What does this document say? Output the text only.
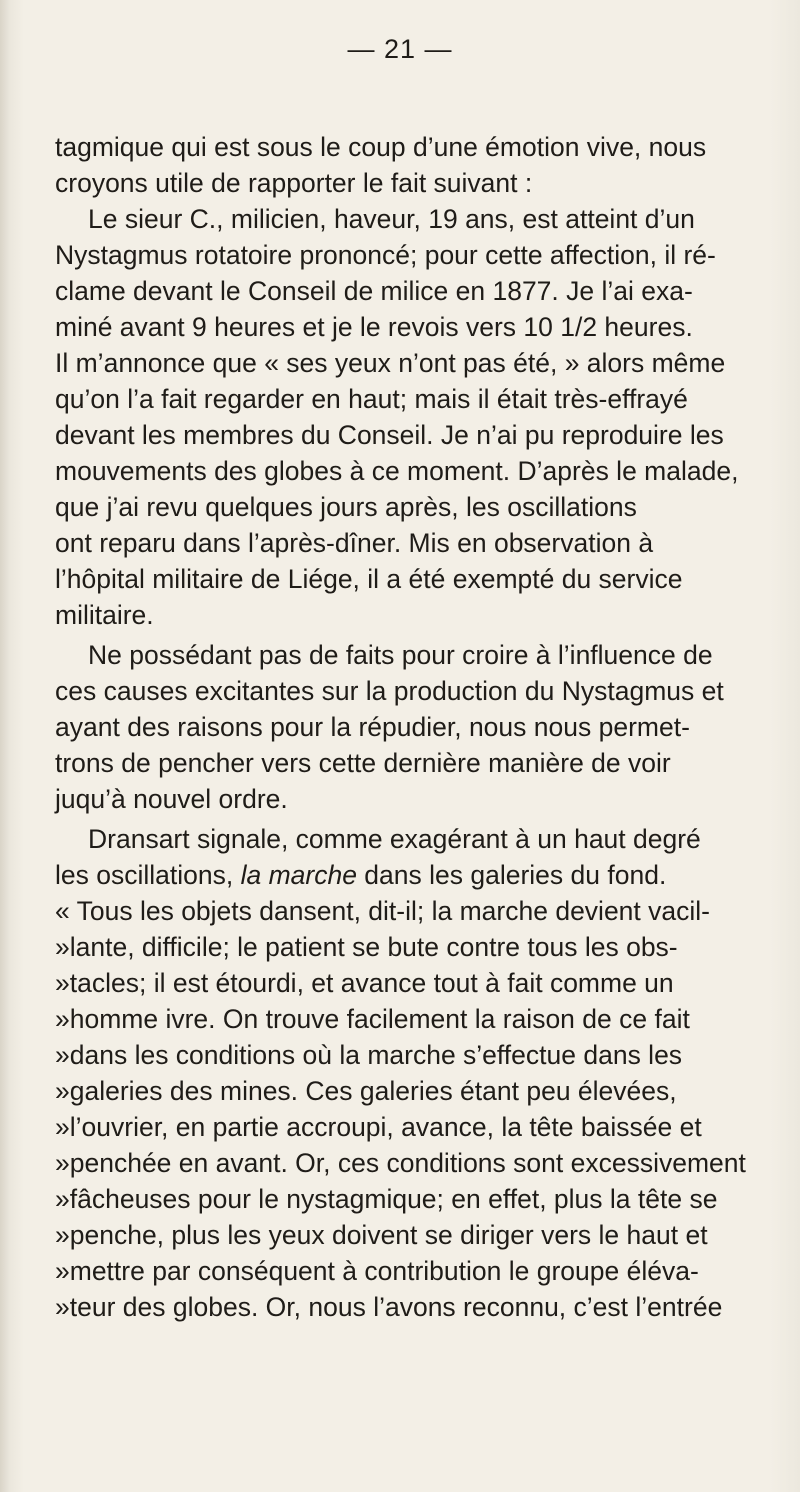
— 21 —
tagmique qui est sous le coup d’une émotion vive, nous
croyons utile de rapporter le fait suivant :
Le sieur C., milicien, haveur, 19 ans, est atteint d’un
Nystagmus rotatoire prononcé; pour cette affection, il ré-
clame devant le Conseil de milice en 1877. Je l’ai exa-
miné avant 9 heures et je le revois vers 10 1/2 heures.
Il m’annonce que « ses yeux n’ont pas été, » alors même
qu’on l’a fait regarder en haut; mais il était très-effrayé
devant les membres du Conseil. Je n’ai pu reproduire les
mouvements des globes à ce moment. D’après le malade,
que j’ai revu quelques jours après, les oscillations
ont reparu dans l’après-dîner. Mis en observation à
l’hôpital militaire de Liége, il a été exempté du service
militaire.
Ne possédant pas de faits pour croire à l’influence de
ces causes excitantes sur la production du Nystagmus et
ayant des raisons pour la répudier, nous nous permet-
trons de pencher vers cette dernière manière de voir
juqu’à nouvel ordre.
Dransart signale, comme exagérant à un haut degré
les oscillations, la marche dans les galeries du fond.
« Tous les objets dansent, dit-il; la marche devient vacil-
»lante, difficile; le patient se bute contre tous les obs-
»tacles; il est étourdi, et avance tout à fait comme un
»homme ivre. On trouve facilement la raison de ce fait
»dans les conditions où la marche s’effectue dans les
»galeries des mines. Ces galeries étant peu élevées,
»l’ouvrier, en partie accroupi, avance, la tête baissée et
»penchée en avant. Or, ces conditions sont excessivement
»fâcheuses pour le nystagmique; en effet, plus la tête se
»penche, plus les yeux doivent se diriger vers le haut et
»mettre par conséquent à contribution le groupe éléva-
»teur des globes. Or, nous l’avons reconnu, c’est l’entrée
